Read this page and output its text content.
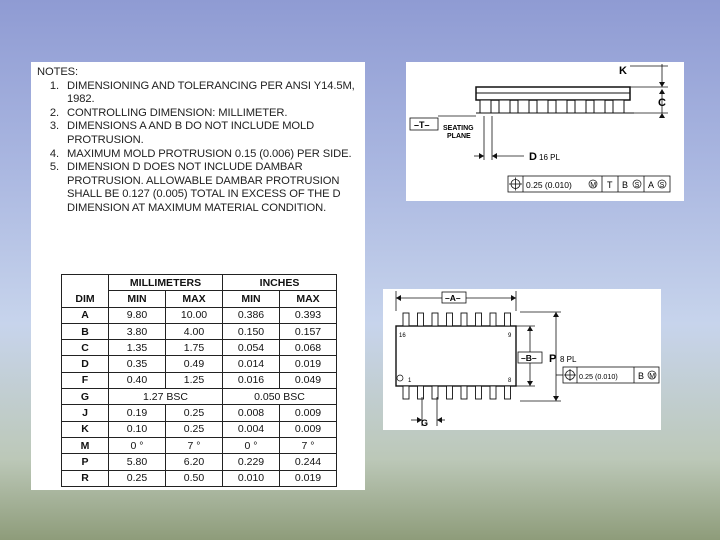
NOTES:
1. DIMENSIONING AND TOLERANCING PER ANSI Y14.5M, 1982.
2. CONTROLLING DIMENSION: MILLIMETER.
3. DIMENSIONS A AND B DO NOT INCLUDE MOLD PROTRUSION.
4. MAXIMUM MOLD PROTRUSION 0.15 (0.006) PER SIDE.
5. DIMENSION D DOES NOT INCLUDE DAMBAR PROTRUSION. ALLOWABLE DAMBAR PROTRUSION SHALL BE 0.127 (0.005) TOTAL IN EXCESS OF THE D DIMENSION AT MAXIMUM MATERIAL CONDITION.
	MILLIMETERS		INCHES	
DIM	MIN	MAX	MIN	MAX
A	9.80	10.00	0.386	0.393
B	3.80	4.00	0.150	0.157
C	1.35	1.75	0.054	0.068
D	0.35	0.49	0.014	0.019
F	0.40	1.25	0.016	0.049
G	1.27 BSC		0.050 BSC	
J	0.19	0.25	0.008	0.009
K	0.10	0.25	0.004	0.009
M	0 °	7 °	0 °	7 °
P	5.80	6.20	0.229	0.244
R	0.25	0.50	0.010	0.019
K
C
–T– SEATING
PLANE
D 16 PL
0.25 (0.010)	M T B S A S
–A–
16	9
1	8
–B– P 8 PL
0.25 (0.010) B M
G
